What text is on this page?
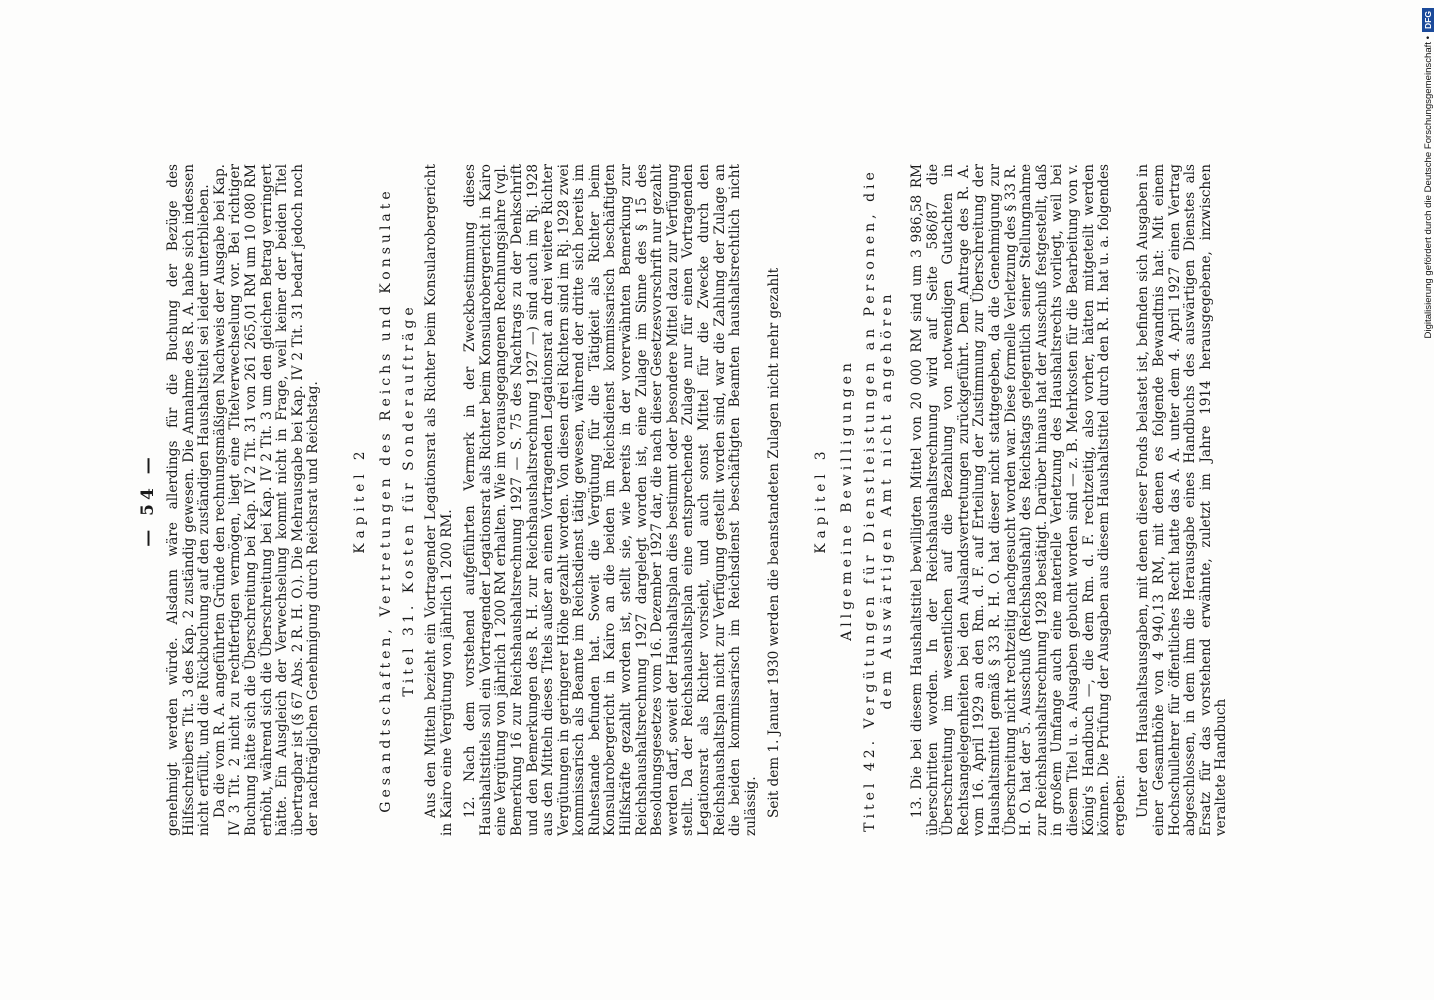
— 54 — genehmigt werden würde. Alsdann wäre allerdings für die Buchung der Bezüge des Hilfsschreibers Tit. 3 des Kap. 2 zuständig gewesen. Die Annahme des R. A. habe sich indessen nicht erfüllt, und die Rückbuchung auf den zuständigen Haushaltstitel sei leider unterblieben. Da die vom R. A. angeführten Gründe den rechnungsmäßigen Nachweis der Ausgabe bei Kap. IV 3 Tit. 2 nicht zu rechtfertigen vermögen, liegt eine Titelverwechselung vor. Bei richtiger Buchung hätte sich die Überschreitung bei Kap. IV 2 Tit. 31 von 261 265,01 RM um 10 080 RM erhöht, während sich die Überschreitung bei Kap. IV 2 Tit. 3 um den gleichen Betrag verringert hätte. Ein Ausgleich der Verwechselung kommt nicht in Frage, weil keiner der beiden Titel übertragbar ist (§ 67 Abs. 2 R. H. O.). Die Mehrausgabe bei Kap. IV 2 Tit. 31 bedarf jedoch noch der nachträglichen Genehmigung durch Reichsrat und Reichstag. Kapitel 2 Gesandtschaften, Vertretungen des Reichs und Konsulate Titel 31. Kosten für Sonderaufträge Aus den Mitteln bezieht ein Vortragender Legationsrat als Richter beim Konsularobergericht in Kairo eine Vergütung von jährlich 1 200 RM. 12. Nach dem vorstehend aufgeführten Vermerk in der Zweckbestimmung dieses Haushaltstitels soll ein Vortragender Legationsrat als Richter beim Konsularobergericht in Kairo eine Vergütung von jährlich 1 200 RM erhalten. Wie im vorausgegangenen Rechnungsjahre (vgl. Bemerkung 16 zur Reichshaushaltsrechnung 1927 — S. 75 des Nachtrags zu der Denkschrift und den Bemerkungen des R. H. zur Reichshaushaltsrechnung 1927 —) sind auch im Rj. 1928 aus den Mitteln dieses Titels außer an einen Vortragenden Legationsrat an drei weitere Richter Vergütungen in geringerer Höhe gezahlt worden. Von diesen drei Richtern sind im Rj. 1928 zwei kommissarisch als Beamte im Reichsdienst tätig gewesen, während der dritte sich bereits im Ruhestande befunden hat. Soweit die Vergütung für die Tätigkeit als Richter beim Konsularobergericht in Kairo an die beiden im Reichsdienst kommissarisch beschäftigten Hilfskräfte gezahlt worden ist, stellt sie, wie bereits in der vorerwähnten Bemerkung zur Reichshaushaltsrechnung 1927 dargelegt worden ist, eine Zulage im Sinne des § 15 des Besoldungsgesetzes vom 16. Dezember 1927 dar, die nach dieser Gesetzesvorschrift nur gezahlt werden darf, soweit der Haushaltsplan dies bestimmt oder besondere Mittel dazu zur Verfügung stellt. Da der Reichshaushaltsplan eine entsprechende Zulage nur für einen Vortragenden Legationsrat als Richter vorsieht, und auch sonst Mittel für die Zwecke durch den Reichshaushaltsplan nicht zur Verfügung gestellt worden sind, war die Zahlung der Zulage an die beiden kommissarisch im Reichsdienst beschäftigten Beamten haushaltsrechtlich nicht zulässig. Seit dem 1. Januar 1930 werden die beanstandeten Zulagen nicht mehr gezahlt Kapitel 3 Allgemeine Bewilligungen Titel 42. Vergütungen für Dienstleistungen an Personen, die dem Auswärtigen Amt nicht angehören 13. Die bei diesem Haushaltstitel bewilligten Mittel von 20 000 RM sind um 3 986,58 RM überschritten worden. In der Reichshaushaltsrechnung wird auf Seite 586/87 die Überschreitung im wesentlichen auf die Bezahlung von notwendigen Gutachten in Rechtsangelegenheiten bei den Auslandsvertretungen zurückgeführt. Dem Antrage des R. A. vom 16. April 1929 an den Rm. d. F. auf Erteilung der Zustimmung zur Überschreitung der Haushaltsmittel gemäß § 33 R. H. O. hat dieser nicht stattgegeben, da die Genehmigung zur Überschreitung nicht rechtzeitig nachgesucht worden war. Diese formelle Verletzung des § 33 R. H. O. hat der 5. Ausschuß (Reichshaushalt) des Reichstags gelegentlich seiner Stellungnahme zur Reichshaushaltsrechnung 1928 bestätigt. Darüber hinaus hat der Ausschuß festgestellt, daß in großem Umfange auch eine materielle Verletzung des Haushaltsrechts vorliegt, weil bei diesem Titel u. a. Ausgaben gebucht worden sind — z. B. Mehrkosten für die Bearbeitung von v. König's Handbuch —, die dem Rm. d. F. rechtzeitig, also vorher, hätten mitgeteilt werden können. Die Prüfung der Ausgaben aus diesem Haushaltstitel durch den R. H. hat u. a. folgendes ergeben: Unter den Haushaltsausgaben, mit denen dieser Fonds belastet ist, befinden sich Ausgaben in einer Gesamthöhe von 4 940,13 RM, mit denen es folgende Bewandtnis hat: Mit einem Hochschullehrer für öffentliches Recht hatte das A. A. unter dem 4. April 1927 einen Vertrag abgeschlossen, in dem ihm die Herausgabe eines Handbuchs des auswärtigen Dienstes als Ersatz für das vorstehend erwähnte, zuletzt im Jahre 1914 herausgegebene, inzwischen veraltete Handbuch

Digitalisierung gefördert durch die Deutsche Forschungsgemeinschaft •
DFG
